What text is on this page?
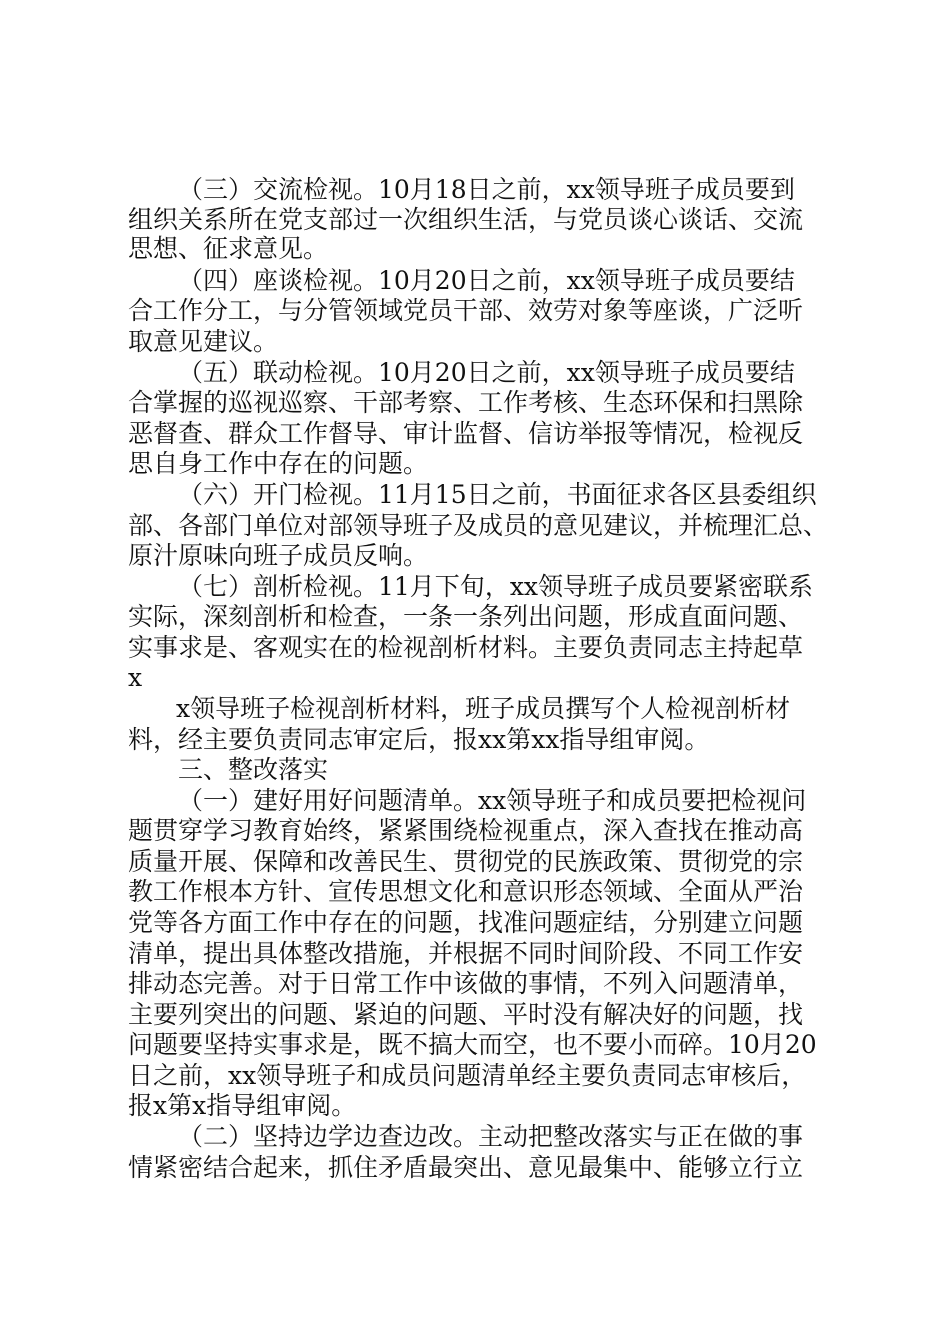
（三）交流检视。10月18日之前，xx领导班子成员要到
组织关系所在党支部过一次组织生活，与党员谈心谈话、交流
思想、征求意见。
（四）座谈检视。10月20日之前，xx领导班子成员要结
合工作分工，与分管领域党员干部、效劳对象等座谈，广泛听
取意见建议。
（五）联动检视。10月20日之前，xx领导班子成员要结
合掌握的巡视巡察、干部考察、工作考核、生态环保和扫黑除
恶督查、群众工作督导、审计监督、信访举报等情况，检视反
思自身工作中存在的问题。
（六）开门检视。11月15日之前，书面征求各区县委组织
部、各部门单位对部领导班子及成员的意见建议，并梳理汇总、
原汁原味向班子成员反响。
（七）剖析检视。11月下旬，xx领导班子成员要紧密联系
实际，深刻剖析和检查，一条一条列出问题，形成直面问题、
实事求是、客观实在的检视剖析材料。主要负责同志主持起草
x
x领导班子检视剖析材料，班子成员撰写个人检视剖析材
料，经主要负责同志审定后，报xx第xx指导组审阅。
三、整改落实
（一）建好用好问题清单。xx领导班子和成员要把检视问
题贯穿学习教育始终，紧紧围绕检视重点，深入查找在推动高
质量开展、保障和改善民生、贯彻党的民族政策、贯彻党的宗
教工作根本方针、宣传思想文化和意识形态领域、全面从严治
党等各方面工作中存在的问题，找准问题症结，分别建立问题
清单，提出具体整改措施，并根据不同时间阶段、不同工作安
排动态完善。对于日常工作中该做的事情，不列入问题清单，
主要列突出的问题、紧迫的问题、平时没有解决好的问题，找
问题要坚持实事求是，既不搞大而空，也不要小而碎。10月20
日之前，xx领导班子和成员问题清单经主要负责同志审核后，
报x第x指导组审阅。
（二）坚持边学边查边改。主动把整改落实与正在做的事
情紧密结合起来，抓住矛盾最突出、意见最集中、能够立行立
